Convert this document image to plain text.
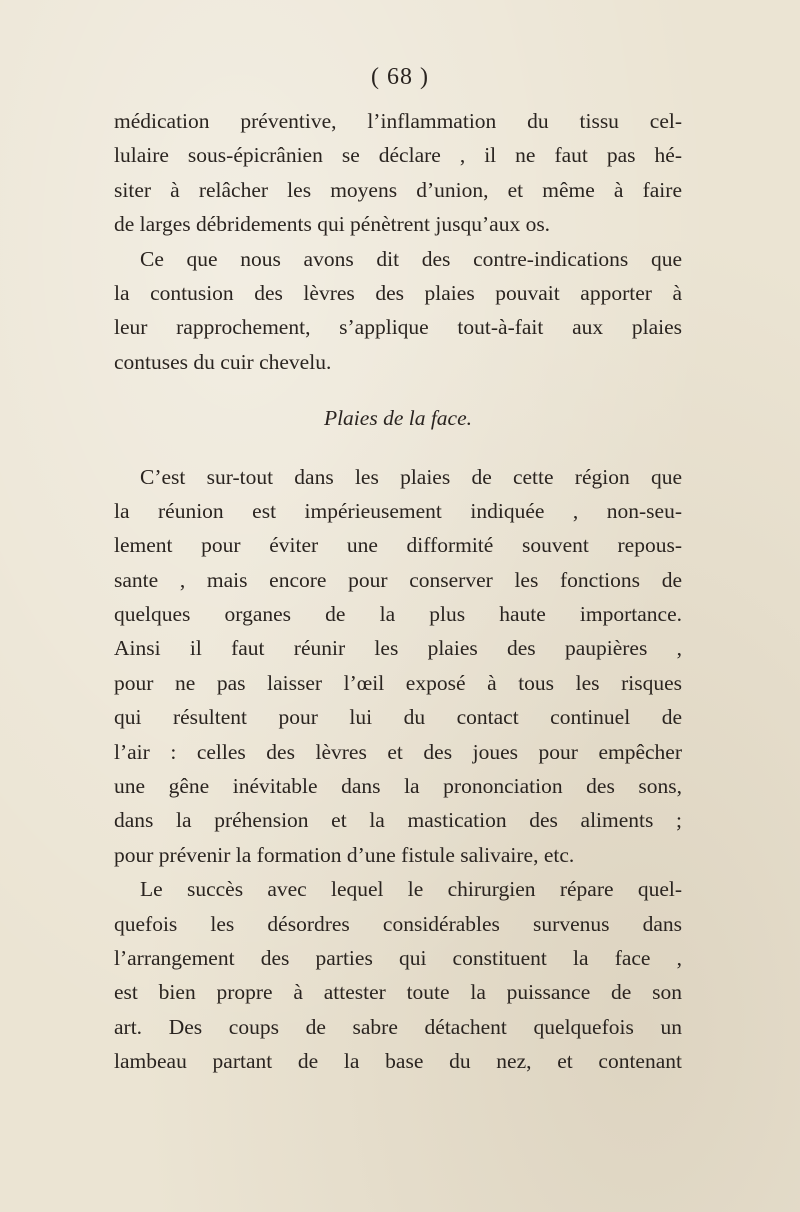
( 68 )
médication préventive, l’inflammation du tissu cel-
lulaire sous-épicrânien se déclare , il ne faut pas hé-
siter à relâcher les moyens d’union, et même à faire
de larges débridements qui pénètrent jusqu’aux os.
Ce que nous avons dit des contre-indications que
la contusion des lèvres des plaies pouvait apporter à
leur rapprochement, s’applique tout-à-fait aux plaies
contuses du cuir chevelu.
Plaies de la face.
C’est sur-tout dans les plaies de cette région que
la réunion est impérieusement indiquée , non-seu-
lement pour éviter une difformité souvent repous-
sante , mais encore pour conserver les fonctions de
quelques organes de la plus haute importance.
Ainsi il faut réunir les plaies des paupières ,
pour ne pas laisser l’œil exposé à tous les risques
qui résultent pour lui du contact continuel de
l’air : celles des lèvres et des joues pour empêcher
une gêne inévitable dans la prononciation des sons,
dans la préhension et la mastication des aliments ;
pour prévenir la formation d’une fistule salivaire, etc.
Le succès avec lequel le chirurgien répare quel-
quefois les désordres considérables survenus dans
l’arrangement des parties qui constituent la face ,
est bien propre à attester toute la puissance de son
art. Des coups de sabre détachent quelquefois un
lambeau partant de la base du nez, et contenant
